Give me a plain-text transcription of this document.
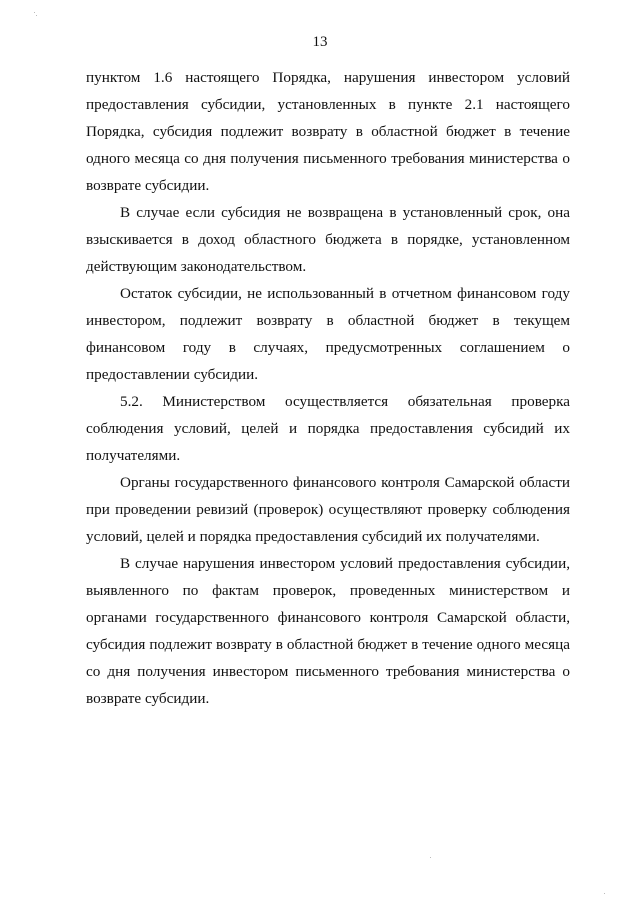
13

пунктом 1.6 настоящего Порядка, нарушения инвестором условий предоставления субсидии, установленных в пункте 2.1 настоящего Порядка, субсидия подлежит возврату в областной бюджет в течение одного месяца со дня получения письменного требования министерства о возврате субсидии.

В случае если субсидия не возвращена в установленный срок, она взыскивается в доход областного бюджета в порядке, установленном действующим законодательством.

Остаток субсидии, не использованный в отчетном финансовом году инвестором, подлежит возврату в областной бюджет в текущем финансовом году в случаях, предусмотренных соглашением о предоставлении субсидии.

5.2. Министерством осуществляется обязательная проверка соблюдения условий, целей и порядка предоставления субсидий их получателями.

Органы государственного финансового контроля Самарской области при проведении ревизий (проверок) осуществляют проверку соблюдения условий, целей и порядка предоставления субсидий их получателями.

В случае нарушения инвестором условий предоставления субсидии, выявленного по фактам проверок, проведенных министерством и органами государственного финансового контроля Самарской области, субсидия подлежит возврату в областной бюджет в течение одного месяца со дня получения инвестором письменного требования министерства о возврате субсидии.
